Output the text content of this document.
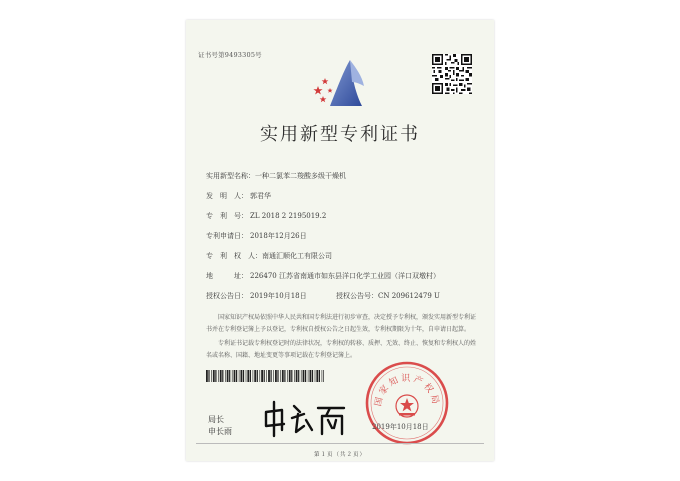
证书号第9493305号
实用新型专利证书
实用新型名称：一种二氯苯二羧酸多级干燥机
发　明　人： 郭君华
专　利　号： ZL 2018 2 2195019.2
专利申请日： 2018年12月26日
专　利　权　人：南通汇顺化工有限公司
地　　　址： 226470 江苏省南通市如东县洋口化学工业园（洋口双墩村）
授权公告日： 2019年10月18日	授权公告号：CN 209612479 U

国家知识产权局依照中华人民共和国专利法进行初步审查，决定授予专利权，颁发实用新型专利证书并在专利登记簿上予以登记，专利权自授权公告之日起生效，专利权期限为十年，自申请日起算。

专利证书记载专利权登记时的法律状况，专利权的转移、质押、无效、终止、恢复和专利权人的姓名或名称、国籍、地址变更等事项记载在专利登记簿上。

局长
申长雨
国家知识产权局
2019年10月18日
第１页（共２页）
